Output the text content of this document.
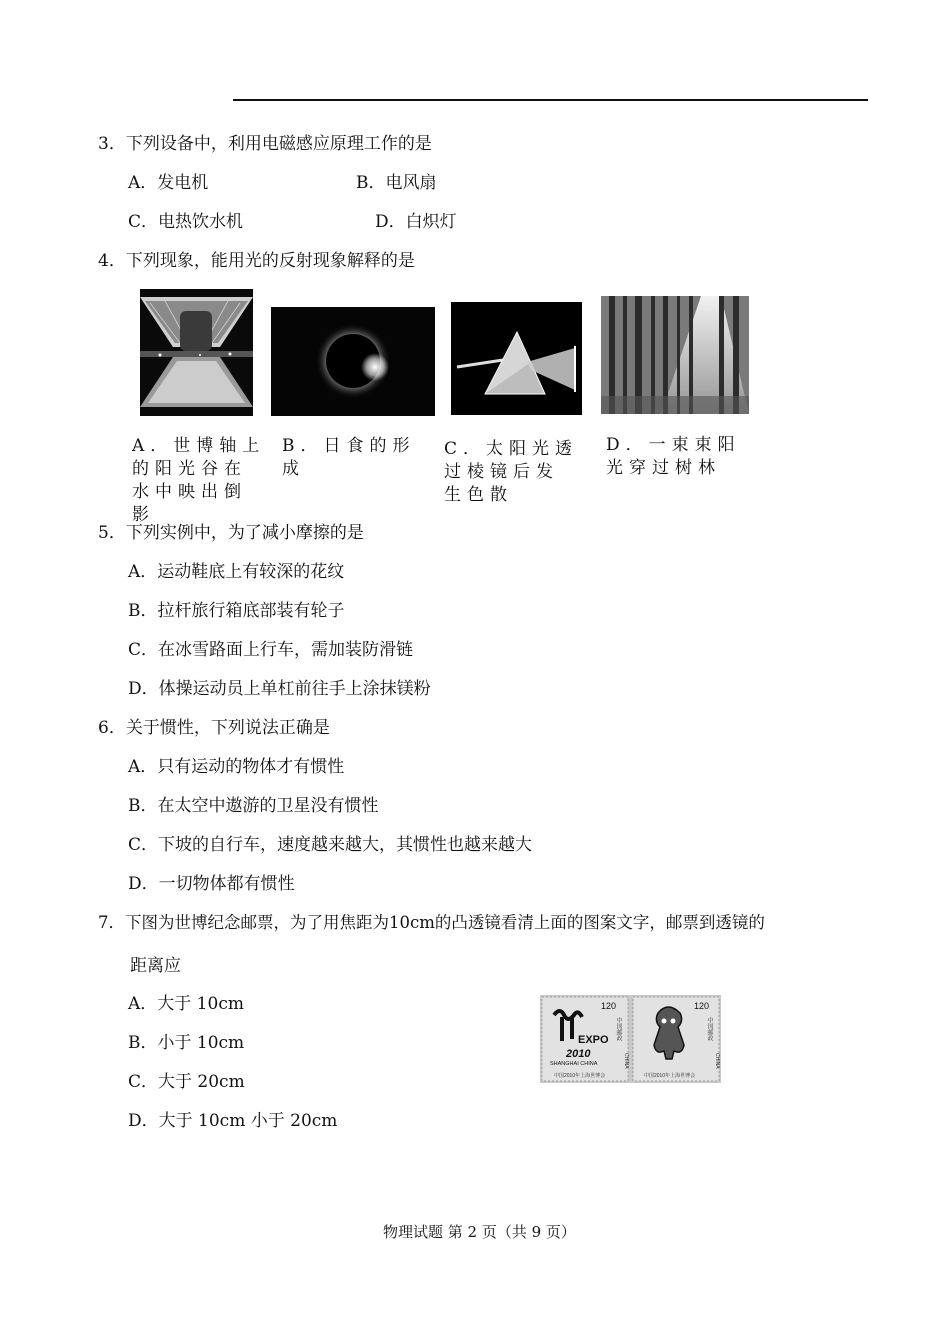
3．下列设备中，利用电磁感应原理工作的是
A．发电机	B．电风扇
C．电热饮水机	D．白炽灯
4．下列现象，能用光的反射现象解释的是
A．世博轴上的阳光谷在水中映出倒影
B．日食的形成
C．太阳光透过棱镜后发生色散
D．一束束阳光穿过树林
5．下列实例中，为了减小摩擦的是
A．运动鞋底上有较深的花纹
B．拉杆旅行箱底部装有轮子
C．在冰雪路面上行车，需加装防滑链
D．体操运动员上单杠前往手上涂抹镁粉
6．关于惯性，下列说法正确是
A．只有运动的物体才有惯性
B．在太空中遨游的卫星没有惯性
C．下坡的自行车，速度越来越大，其惯性也越来越大
D．一切物体都有惯性
7．下图为世博纪念邮票，为了用焦距为10cm的凸透镜看清上面的图案文字，邮票到透镜的
距离应
A．大于 10cm
B．小于 10cm
C．大于 20cm
D．大于 10cm 小于 20cm
EXPO
2010
SHANGHAI CHINA
中国2010年上海世博会
120
中国邮政
CHINA
中国2010年上海世博会
120
中国邮政
CHINA
物理试题 第 2 页（共 9 页）
